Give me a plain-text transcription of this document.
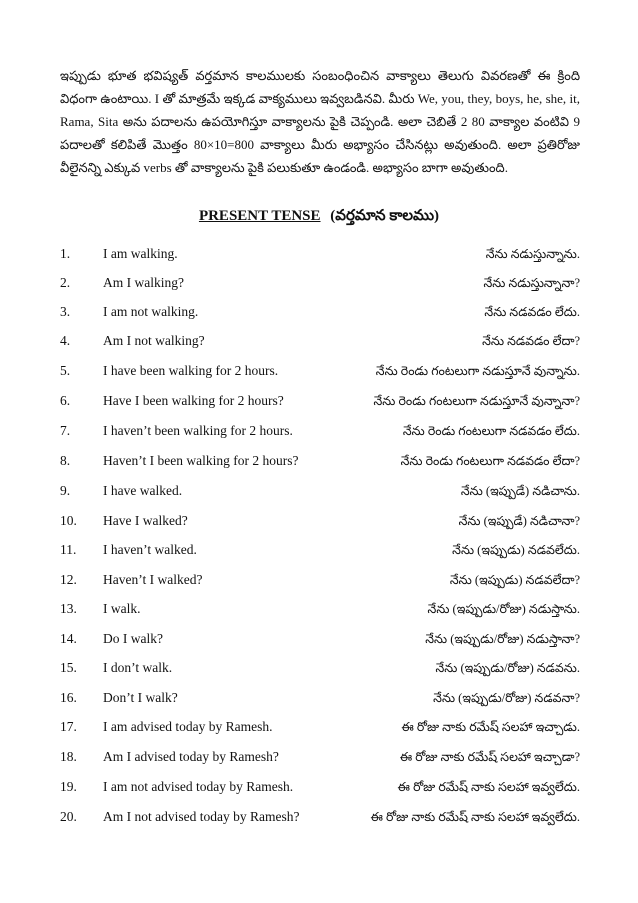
ఇప్పుడు భూత భవిష్యత్ వర్తమాన కాలములకు సంబంధించిన వాక్యాలు తెలుగు వివరణతో ఈ క్రింది విధంగా ఉంటాయి. I తో మాత్రమే ఇక్కడ వాక్యములు ఇవ్వబడినవి. మీరు We, you, they, boys, he, she, it, Rama, Sita అను పదాలను ఉపయోగిస్తూ వాక్యాలను పైకి చెప్పండి. అలా చెబితే 2 80 వాక్యాల వంటివి 9 పదాలతో కలిపితే మొత్తం 80×10=800 వాక్యాలు మీరు అభ్యాసం చేసినట్లు అవుతుంది. అలా ప్రతిరోజు వీలైనన్ని ఎక్కువ verbs తో వాక్యాలను పైకి పలుకుతూ ఉండండి. అభ్యాసం బాగా అవుతుంది.
PRESENT TENSE (వర్తమాన కాలము)
1.	I am walking.	నేను నడుస్తున్నాను.
2.	Am I walking?	నేను నడుస్తున్నానా?
3.	I am not walking.	నేను నడవడం లేదు.
4.	Am I not walking?	నేను నడవడం లేదా?
5.	I have been walking for 2 hours.	నేను రెండు గంటలుగా నడుస్తూనే వున్నాను.
6.	Have I been walking for 2 hours?	నేను రెండు గంటలుగా నడుస్తూనే వున్నానా?
7.	I haven’t been walking for 2 hours.	నేను రెండు గంటలుగా నడవడం లేదు.
8.	Haven’t I been walking for 2 hours?	నేను రెండు గంటలుగా నడవడం లేదా?
9.	I have walked.	నేను (ఇప్పుడే) నడిచాను.
10.	Have I walked?	నేను (ఇప్పుడే) నడిచానా?
11.	I haven’t walked.	నేను (ఇప్పుడు) నడవలేదు.
12.	Haven’t I walked?	నేను (ఇప్పుడు) నడవలేదా?
13.	I walk.	నేను (ఇప్పుడు/రోజు) నడుస్తాను.
14.	Do I walk?	నేను (ఇప్పుడు/రోజు) నడుస్తానా?
15.	I don’t walk.	నేను (ఇప్పుడు/రోజు) నడవను.
16.	Don’t I walk?	నేను (ఇప్పుడు/రోజు) నడవనా?
17.	I am advised today by Ramesh.	ఈ రోజు నాకు రమేష్ సలహా ఇచ్చాడు.
18.	Am I advised today by Ramesh?	ఈ రోజు నాకు రమేష్ సలహా ఇచ్చాడా?
19.	I am not advised today by Ramesh.	ఈ రోజు రమేష్ నాకు సలహా ఇవ్వలేదు.
20.	Am I not advised today by Ramesh?	ఈ రోజు నాకు రమేష్ నాకు సలహా ఇవ్వలేదు.
